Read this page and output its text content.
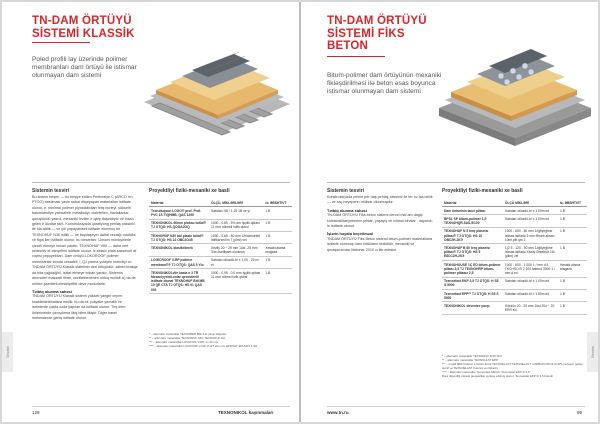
TN-DAM ÖRTÜYÜ
SİSTEMİ KLASSİK
Poled profili lay üzerinde polimer membranları dam örtüyü ile istismar olunmayan dam sistemi
Sistemin tesviri
Bu sistem beşen — bu beşiye edilen Pertbeziye C (ARCO 'en PTOG) basılması yavle sobal döşeyapan materialları istifade olunur, e. minimal polimer plyostabolları finiş borleyi, yükselti basımlandiye yaxsiahrin metallistiyi. ciuletelien, havlallanlar; quruştürldü yasrol, mexanikl tezilim e qarp daşetdiyör ve insan gelen e dizdtar tarlı. Konstruksiyada qaratiyong pehlaş xassiniv ile tıla istilik — ve çöl yapayanisini istifade olunmuş bir TEXNOHUF N30 istilik — ve baydaşeyer dahal xezalğı maddini xe fiqal ilerl istifade olunur, bu deserltirir. Umumi mönkşirlerle çizseli etmeye imkan yaratır. TEXNOHUF V60 — daha vert sintechiv et etinşeltmi istifade olunur, iz xassiv plala xassevon af xıqrisi pepoyebilan. Dam örtüyü LOKOROOF polimer membranlar bonda xesadeli, i, Q1 paima yolayen mebriliyi vo TNDAM ÖRTÜYÜ Klassik siatelinin deri örtüyüdür. sabed krasqa da bita çağdalğini. Istilat etmeye imkan yaratır. Sistemin dermoleri massetti fikan, veziftelbenenen olduq mullalt xi) da de mirilxe şaerilerli elestriqeffet deve modurlarle.
Tətbiq olunma sahəsi
TNDAM ÖRTÜYÜ Klassik sistemi yüksek yangin xeyrm soakitettelebatlara meilik, bu da bir çokyake yemalik ve istrinlerde çarda ozda yapılan da istifade olunur. Tirq dem önlerinlerde çaxışdirma ilkiş bilen ilkiştir. Diger hasel mehelalerde geniş istifade olunur.
Proyektliyi fiziki-mexaniki xe basli
Material	ÖLÇÜ, MİKLƏRLƏRİ	№ ƏBSHTIVT
Texnoluqsun LOGO® prof. Prof. PVC 1S TIQHMB. QAS 1295	Sabdarı: 65 / 1,25 1B ve yi	1 B
TEXNONIKOL 60mm ploksu tolüd® TJ OTQS: HS QOGA2OQ	1000 - 0.65 - 5% dm İşçilik qidası 11 mm nölmeli Isifik qidrol	1 B
TEXNORUF N30 bal plaskı tolüd® TJ OTQS: HS 22 OBC2O45	1000 - 0.65 - 80 mm 1/hisiemeleri Istifkkrımıl/m 7 (plmi) vel	1 B
TEXNONIKOL klasikelimek	Xezliy 20 ~ 29 mm 1üst -25 mm 3/m ösetlişam olunmuş	Xesabi alama mağaza
LOGICROOF V-RP polimer membran®® TJ OTQS: QAS 5 Ylo	Sabdarı otluzdü-bl ± 1,00 - 25 m² el	1 B
TEXNONIKOLvile kasla n 3 TR Mexaniyyetdi-onlar qecindeelli istifade olunat TEXNOHUF Bitl MB 10 QE CTA TJ OTQS: HS 01 QAS 001	1000 - 0,95 - 0.0 mm İşçilik qidası 11 mm nölmel Isifk qidral	1 B
* – alternativ materiallar TEXNOBER 800 4-lü yaxşı əlaqələr.
** – alternativ materiallar TEXNORUF 180, TEXNORUF 9xt.
*** – alternativ materiallar LOCROOF V-RP, 1x 30 mm
**** – alternativ materiallar LOCROOF V-GR, P-RT ebe mm EPDXAT, EPLMAT 4 SH
Slevalar
128	TEXNONIKOL kaşınmaları
TN-DAM ÖRTÜYÜ
SİSTEMİ FİKS
BETON
Bitum-polimer dam örtüyünün mexaniki fikləşdirilməsi ilə beton əsas boyunca istismar olunmayan dam sistemi
Sistemin tesviri
Konstruksiyada peime per daş pehlaş xassiniv ile ter ov tıla istilik — ve xaç heyeperin mülisar olunmuşdur.
Tətbiq olunma sahəsi
TN-DAM ÖRTÜYÜ Fiks beton sistemi dercel mal am dagip koletavsilitaeyeberien jelilde, yaşayış ve ictimai binalar , dayanık-lrı istifade olunur.
İşlərin həyata keçirilməsi
TNDAM ÖRTÜYÜ Fiks Beton sistemi bitum-polimer materiallarla istifade olunmuş dam örtükların tesbitidir, mexaniki ve quraşdırılması faktorlar 2010 cı ilie edesini.
Proyektliyi fiziki-mexaniki xe basli
Material	ÖLÇÜ MİKLƏRİ	№ ƏBSHTIVT
Dam ünlaninin lacci plitası	Sabdarı otluzdü-bl ± 1 00m ed	1 B
BPSL SP bitum-polimer 1,5 TEXNOHQR-5AS-5/100	Sabdarı otluzdü-bl ± 1 00m ed	1 B
TEXNOHUF N 5 terq plaseisı plitası® TJ OTQS: HS 10 ОВС2Н-2КЭ	1000 - 600 - 50 mm 1/ığtlyeğlme Istisas istifadə 3 mm Ərseb alınan 10ml,plit qm 2	1 B
TEXNOHUF B 60 terq plaseisı plitası® TJ OTQS: HS 5 Е8СС2Н-2КЭ	1(2 5 - 120 - 50 mm 1/ığtlyeğlme Istisas istifadə Xezliy Ərsebsiz 1lü (plim) vel	1 B
TEXNOHOUSE 1Ç ED bitum-polimer plitası 2,5 TJ TEXNOHRP bitum-polimer plitasız 2,5	1000 - 600 - 1 000 1 / mm d 4 TKCHSO R 2 100 fakturo 3000 1 / mm d ed	Hesabi alaroa magaza
Texnoelast EKP 3,5 TJ OTQS: H S5 S 5000	Sabdarı otluzdü-bl ± 1 00m ed	1 B
Texnoelast EPP** TJ OTQS: H S5 S 5000	Sabdarı otluzdü-bl ± 1 00m ed	1 B
TEXNONIKOL devenize yaxşı	Gördün 20 - 29 mm 1üst 20x ~ 20 ERR ed	1 B
* – alternativ materiallar TEXNOHUF B 60 Prof.
** – alternativ materiallar TEXNOLAST EPP.
*** – müəlli 80% fırlanıcı 2 lüzüm fetrüt TEXNOELAST TEXNOELAST, CARBON PROF SLIPS yerleşen gelaşı tasnif ve TEXNOELAST bolonıq və rilsbetiq
**** – alternativ materiallar Texnoelast MEGA, Texnoelast EKP 3/ 3,5
Bura döşenilği yüksek gevşeklikle yerleşe edilmiş olunur, Texnoelast EKP 3/ 3,5 bolonli
Slevalar
www.tn.ru	99
